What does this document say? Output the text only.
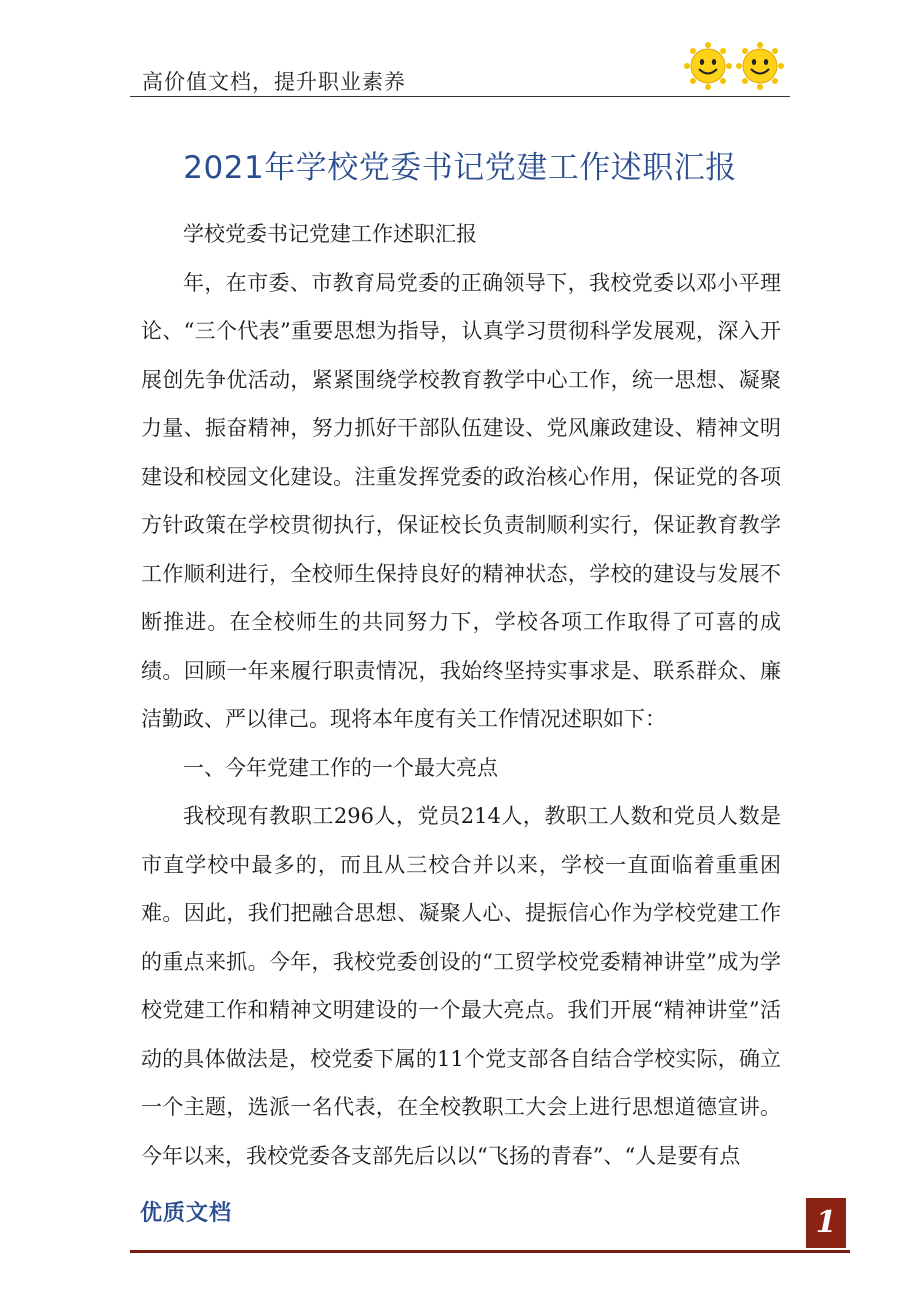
高价值文档，提升职业素养
2021年学校党委书记党建工作述职汇报

学校党委书记党建工作述职汇报

年，在市委、市教育局党委的正确领导下，我校党委以邓小平理论、“三个代表”重要思想为指导，认真学习贯彻科学发展观，深入开展创先争优活动，紧紧围绕学校教育教学中心工作，统一思想、凝聚力量、振奋精神，努力抓好干部队伍建设、党风廉政建设、精神文明建设和校园文化建设。注重发挥党委的政治核心作用，保证党的各项方针政策在学校贯彻执行，保证校长负责制顺利实行，保证教育教学工作顺利进行，全校师生保持良好的精神状态，学校的建设与发展不断推进。在全校师生的共同努力下，学校各项工作取得了可喜的成绩。回顾一年来履行职责情况，我始终坚持实事求是、联系群众、廉洁勤政、严以律己。现将本年度有关工作情况述职如下：

一、今年党建工作的一个最大亮点

我校现有教职工296人，党员214人，教职工人数和党员人数是市直学校中最多的，而且从三校合并以来，学校一直面临着重重困难。因此，我们把融合思想、凝聚人心、提振信心作为学校党建工作的重点来抓。今年，我校党委创设的“工贸学校党委精神讲堂”成为学校党建工作和精神文明建设的一个最大亮点。我们开展“精神讲堂”活动的具体做法是，校党委下属的11个党支部各自结合学校实际，确立一个主题，选派一名代表，在全校教职工大会上进行思想道德宣讲。今年以来，我校党委各支部先后以以“飞扬的青春”、“人是要有点

优质文档	1
